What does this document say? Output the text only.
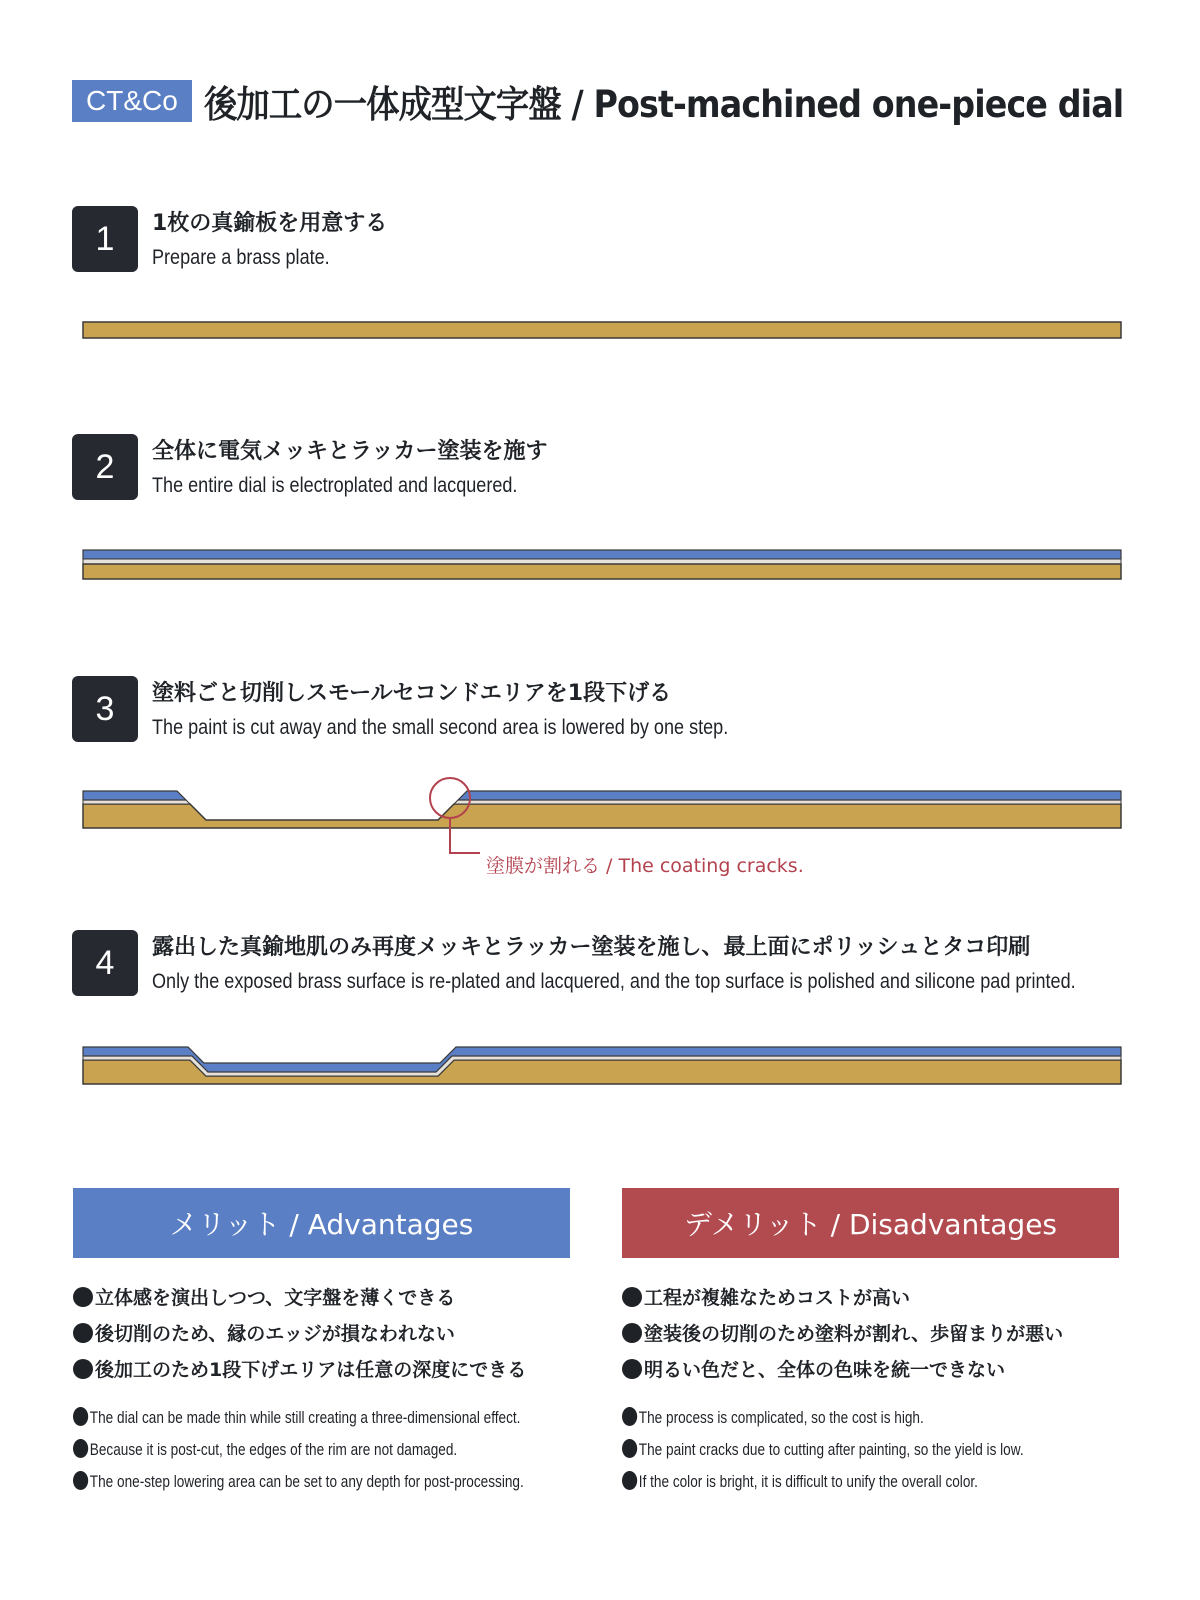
CT&Co 後加工の一体成型文字盤 / Post-machined one-piece dial
1	1枚の真鍮板を用意する
Prepare a brass plate.
2	全体に電気メッキとラッカー塗装を施す
The entire dial is electroplated and lacquered.
3	塗料ごと切削しスモールセコンドエリアを1段下げる
The paint is cut away and the small second area is lowered by one step.
塗膜が割れる / The coating cracks.
4	露出した真鍮地肌のみ再度メッキとラッカー塗装を施し、最上面にポリッシュとタコ印刷
Only the exposed brass surface is re-plated and lacquered, and the top surface is polished and silicone pad printed.
メリット / Advantages
立体感を演出しつつ、文字盤を薄くできる
後切削のため、縁のエッジが損なわれない
後加工のため1段下げエリアは任意の深度にできる
The dial can be made thin while still creating a three-dimensional effect.
Because it is post-cut, the edges of the rim are not damaged.
The one-step lowering area can be set to any depth for post-processing.
デメリット / Disadvantages
工程が複雑なためコストが高い
塗装後の切削のため塗料が割れ、歩留まりが悪い
明るい色だと、全体の色味を統一できない
The process is complicated, so the cost is high.
The paint cracks due to cutting after painting, so the yield is low.
If the color is bright, it is difficult to unify the overall color.
